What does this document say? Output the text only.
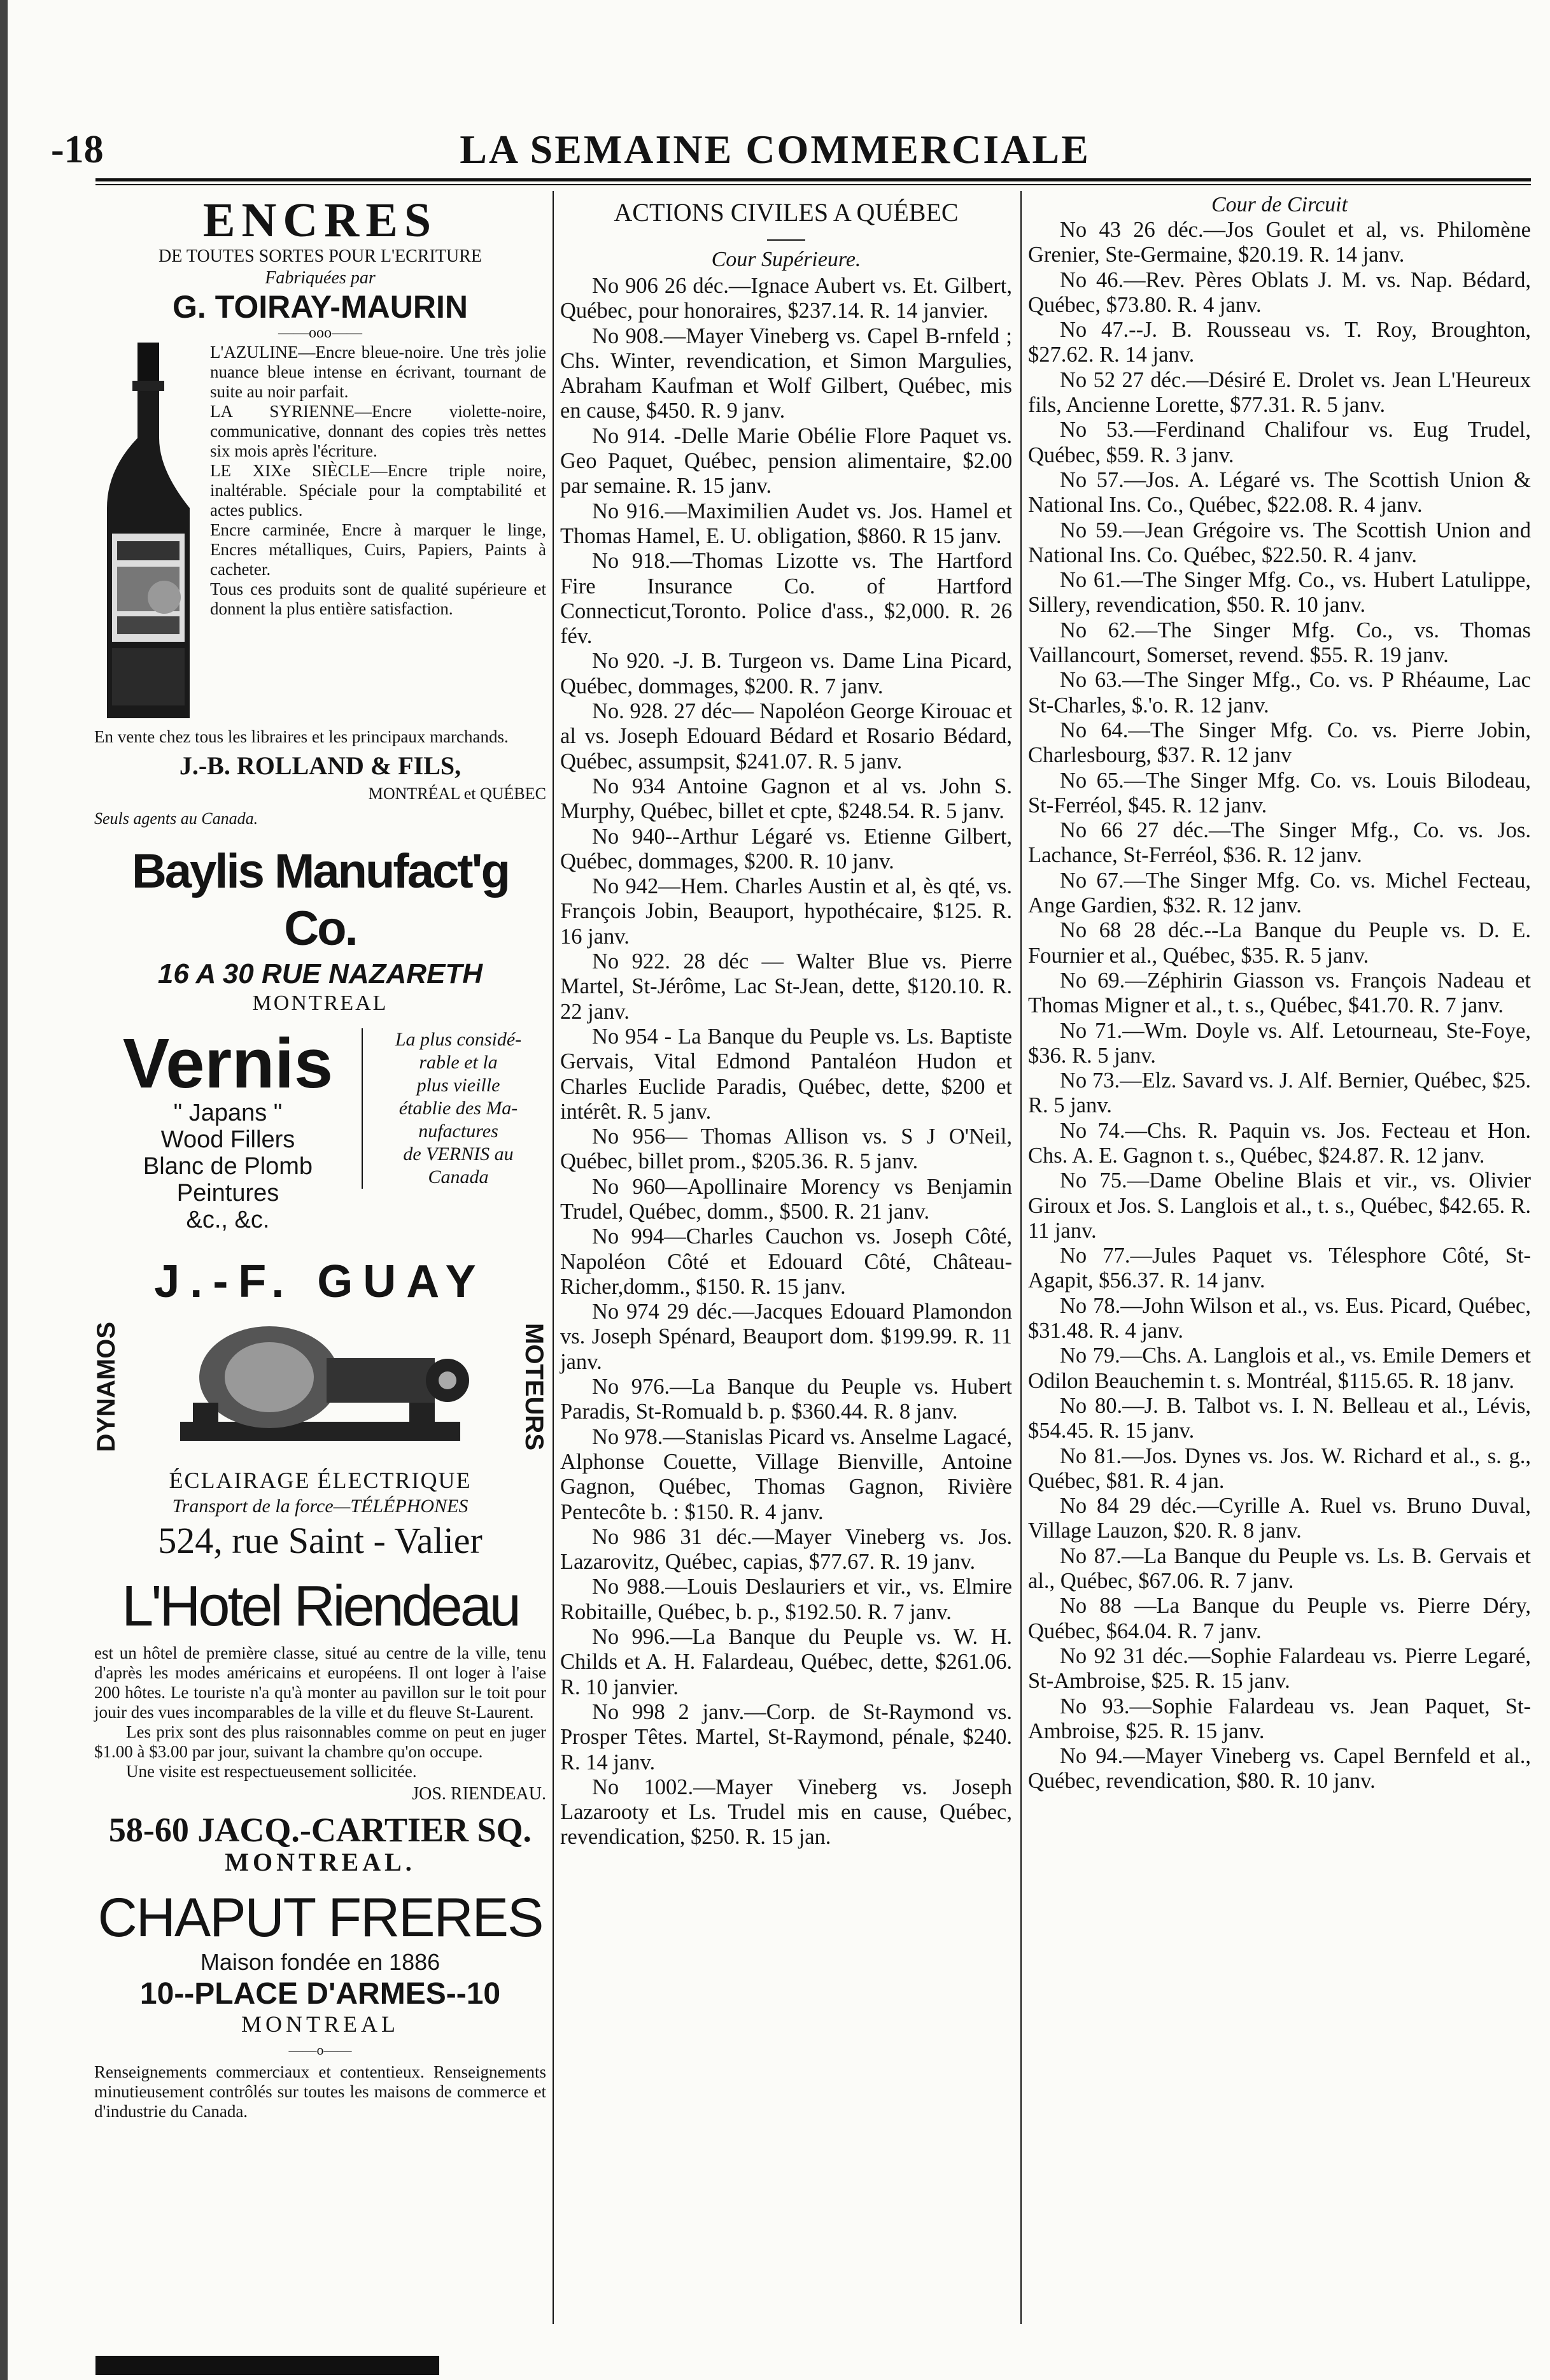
-18	LA SEMAINE COMMERCIALE
ENCRES
DE TOUTES SORTES POUR L'ECRITURE
Fabriquées par
G. TOIRAY-MAURIN
——ooo——

L'AZULINE—Encre bleue-noire. Une très jolie nuance bleue intense en écrivant, tournant de suite au noir parfait.

LA SYRIENNE—Encre violette-noire, communicative, donnant des copies très nettes six mois après l'écriture.

LE XIXe SIÈCLE—Encre triple noire, inaltérable. Spéciale pour la comptabilité et actes publics.

Encre carminée, Encre à marquer le linge, Encres métalliques, Cuirs, Papiers, Paints à cacheter.

Tous ces produits sont de qualité supérieure et donnent la plus entière satisfaction.

En vente chez tous les libraires et les principaux marchands.

J.-B. ROLLAND & FILS,
MONTRÉAL et QUÉBEC
Seuls agents au Canada.
Baylis Manufact'g Co.
16 A 30 RUE NAZARETH
MONTREAL
Vernis
" Japans "
Wood Fillers
Blanc de Plomb
Peintures
&c., &c.
La plus considé-
rable et la
plus vieille
établie des Ma-
nufactures
de VERNIS au
Canada
J.-F. GUAY
DYNAMOS	MOTEURS
ÉCLAIRAGE ÉLECTRIQUE
Transport de la force—TÉLÉPHONES
524, rue Saint - Valier
L'Hotel Riendeau

est un hôtel de première classe, situé au centre de la ville, tenu d'après les modes américains et européens. Il ont loger à l'aise 200 hôtes. Le touriste n'a qu'à monter au pavillon sur le toit pour jouir des vues incomparables de la ville et du fleuve St-Laurent.

Les prix sont des plus raisonnables comme on peut en juger $1.00 à $3.00 par jour, suivant la chambre qu'on occupe.

Une visite est respectueusement sollicitée.

JOS. RIENDEAU.
58-60 JACQ.-CARTIER SQ.
MONTREAL.
CHAPUT FRERES
Maison fondée en 1886
10--PLACE D'ARMES--10
MONTREAL
——o——

Renseignements commerciaux et contentieux. Renseignements minutieusement contrôlés sur toutes les maisons de commerce et d'industrie du Canada.

ACTIONS CIVILES A QUÉBEC
Cour Supérieure.

No 906 26 déc.—Ignace Aubert vs. Et. Gilbert, Québec, pour honoraires, $237.14. R. 14 janvier.

No 908.—Mayer Vineberg vs. Capel B-rnfeld ; Chs. Winter, revendication, et Simon Margulies, Abraham Kaufman et Wolf Gilbert, Québec, mis en cause, $450. R. 9 janv.

No 914. -Delle Marie Obélie Flore Paquet vs. Geo Paquet, Québec, pension alimentaire, $2.00 par semaine. R. 15 janv.

No 916.—Maximilien Audet vs. Jos. Hamel et Thomas Hamel, E. U. obligation, $860. R 15 janv.

No 918.—Thomas Lizotte vs. The Hartford Fire Insurance Co. of Hartford Connecticut,Toronto. Police d'ass., $2,000. R. 26 fév.

No 920. -J. B. Turgeon vs. Dame Lina Picard, Québec, dommages, $200. R. 7 janv.

No. 928. 27 déc— Napoléon George Kirouac et al vs. Joseph Edouard Bédard et Rosario Bédard, Québec, assumpsit, $241.07. R. 5 janv.

No 934 Antoine Gagnon et al vs. John S. Murphy, Québec, billet et cpte, $248.54. R. 5 janv.

No 940--Arthur Légaré vs. Etienne Gilbert, Québec, dommages, $200. R. 10 janv.

No 942—Hem. Charles Austin et al, ès qté, vs. François Jobin, Beauport, hypothécaire, $125. R. 16 janv.

No 922. 28 déc — Walter Blue vs. Pierre Martel, St-Jérôme, Lac St-Jean, dette, $120.10. R. 22 janv.

No 954 - La Banque du Peuple vs. Ls. Baptiste Gervais, Vital Edmond Pantaléon Hudon et Charles Euclide Paradis, Québec, dette, $200 et intérêt. R. 5 janv.

No 956— Thomas Allison vs. S J O'Neil, Québec, billet prom., $205.36. R. 5 janv.

No 960—Apollinaire Morency vs Benjamin Trudel, Québec, domm., $500. R. 21 janv.

No 994—Charles Cauchon vs. Joseph Côté, Napoléon Côté et Edouard Côté, Château-Richer,domm., $150. R. 15 janv.

No 974 29 déc.—Jacques Edouard Plamondon vs. Joseph Spénard, Beauport dom. $199.99. R. 11 janv.

No 976.—La Banque du Peuple vs. Hubert Paradis, St-Romuald b. p. $360.44. R. 8 janv.

No 978.—Stanislas Picard vs. Anselme Lagacé, Alphonse Couette, Village Bienville, Antoine Gagnon, Québec, Thomas Gagnon, Rivière Pentecôte b. : $150. R. 4 janv.

No 986 31 déc.—Mayer Vineberg vs. Jos. Lazarovitz, Québec, capias, $77.67. R. 19 janv.

No 988.—Louis Deslauriers et vir., vs. Elmire Robitaille, Québec, b. p., $192.50. R. 7 janv.

No 996.—La Banque du Peuple vs. W. H. Childs et A. H. Falardeau, Québec, dette, $261.06. R. 10 janvier.

No 998 2 janv.—Corp. de St-Raymond vs. Prosper Têtes. Martel, St-Raymond, pénale, $240. R. 14 janv.

No 1002.—Mayer Vineberg vs. Joseph Lazarooty et Ls. Trudel mis en cause, Québec, revendication, $250. R. 15 jan.

Cour de Circuit

No 43 26 déc.—Jos Goulet et al, vs. Philomène Grenier, Ste-Germaine, $20.19. R. 14 janv.

No 46.—Rev. Pères Oblats J. M. vs. Nap. Bédard, Québec, $73.80. R. 4 janv.

No 47.--J. B. Rousseau vs. T. Roy, Broughton, $27.62. R. 14 janv.

No 52 27 déc.—Désiré E. Drolet vs. Jean L'Heureux fils, Ancienne Lorette, $77.31. R. 5 janv.

No 53.—Ferdinand Chalifour vs. Eug Trudel, Québec, $59. R. 3 janv.

No 57.—Jos. A. Légaré vs. The Scottish Union & National Ins. Co., Québec, $22.08. R. 4 janv.

No 59.—Jean Grégoire vs. The Scottish Union and National Ins. Co. Québec, $22.50. R. 4 janv.

No 61.—The Singer Mfg. Co., vs. Hubert Latulippe, Sillery, revendication, $50. R. 10 janv.

No 62.—The Singer Mfg. Co., vs. Thomas Vaillancourt, Somerset, revend. $55. R. 19 janv.

No 63.—The Singer Mfg., Co. vs. P Rhéaume, Lac St-Charles, $.'o. R. 12 janv.

No 64.—The Singer Mfg. Co. vs. Pierre Jobin, Charlesbourg, $37. R. 12 janv

No 65.—The Singer Mfg. Co. vs. Louis Bilodeau, St-Ferréol, $45. R. 12 janv.

No 66 27 déc.—The Singer Mfg., Co. vs. Jos. Lachance, St-Ferréol, $36. R. 12 janv.

No 67.—The Singer Mfg. Co. vs. Michel Fecteau, Ange Gardien, $32. R. 12 janv.

No 68 28 déc.--La Banque du Peuple vs. D. E. Fournier et al., Québec, $35. R. 5 janv.

No 69.—Zéphirin Giasson vs. François Nadeau et Thomas Migner et al., t. s., Québec, $41.70. R. 7 janv.

No 71.—Wm. Doyle vs. Alf. Letourneau, Ste-Foye, $36. R. 5 janv.

No 73.—Elz. Savard vs. J. Alf. Bernier, Québec, $25. R. 5 janv.

No 74.—Chs. R. Paquin vs. Jos. Fecteau et Hon. Chs. A. E. Gagnon t. s., Québec, $24.87. R. 12 janv.

No 75.—Dame Obeline Blais et vir., vs. Olivier Giroux et Jos. S. Langlois et al., t. s., Québec, $42.65. R. 11 janv.

No 77.—Jules Paquet vs. Télesphore Côté, St-Agapit, $56.37. R. 14 janv.

No 78.—John Wilson et al., vs. Eus. Picard, Québec, $31.48. R. 4 janv.

No 79.—Chs. A. Langlois et al., vs. Emile Demers et Odilon Beauchemin t. s. Montréal, $115.65. R. 18 janv.

No 80.—J. B. Talbot vs. I. N. Belleau et al., Lévis, $54.45. R. 15 janv.

No 81.—Jos. Dynes vs. Jos. W. Richard et al., s. g., Québec, $81. R. 4 jan.

No 84 29 déc.—Cyrille A. Ruel vs. Bruno Duval, Village Lauzon, $20. R. 8 janv.

No 87.—La Banque du Peuple vs. Ls. B. Gervais et al., Québec, $67.06. R. 7 janv.

No 88 —La Banque du Peuple vs. Pierre Déry, Québec, $64.04. R. 7 janv.

No 92 31 déc.—Sophie Falardeau vs. Pierre Legaré, St-Ambroise, $25. R. 15 janv.

No 93.—Sophie Falardeau vs. Jean Paquet, St-Ambroise, $25. R. 15 janv.

No 94.—Mayer Vineberg vs. Capel Bernfeld et al., Québec, revendication, $80. R. 10 janv.
